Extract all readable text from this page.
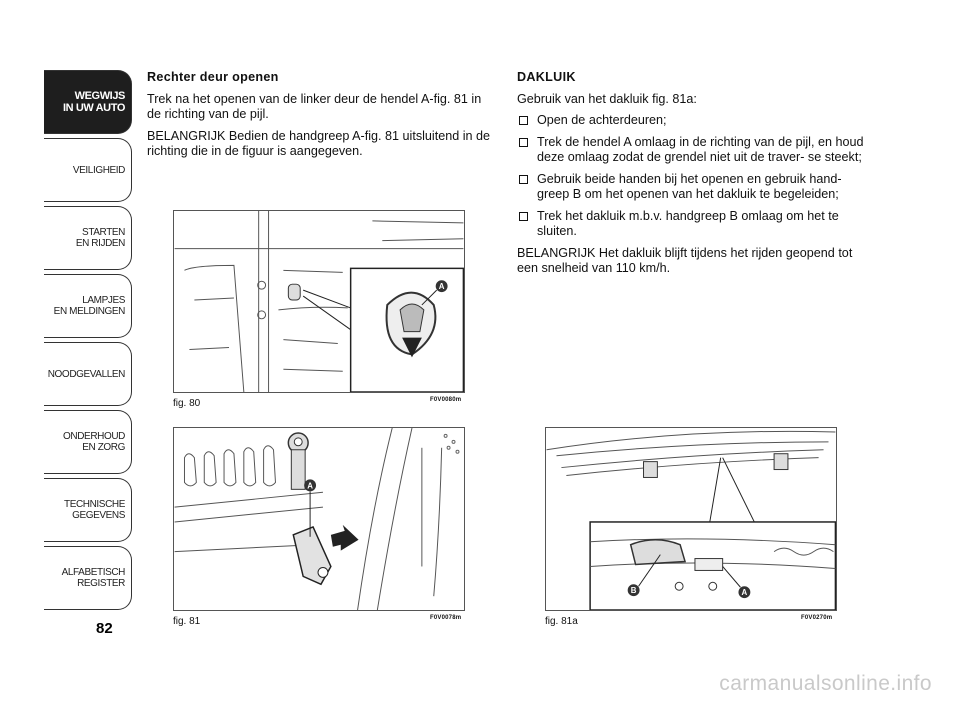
WEGWIJS
IN UW AUTO
VEILIGHEID
STARTEN
EN RIJDEN
LAMPJES
EN MELDINGEN
NOODGEVALLEN
ONDERHOUD
EN ZORG
TECHNISCHE
GEGEVENS
ALFABETISCH
REGISTER
82
Rechter deur openen

Trek na het openen van de linker deur de hendel A-fig. 81 in de richting van de pijl.

BELANGRIJK Bedien de handgreep A-fig. 81 uitsluitend in de richting die in de figuur is aangegeven.

DAKLUIK

Gebruik van het dakluik fig. 81a:

Open de achterdeuren;
Trek de hendel A omlaag in de richting van de pijl, en houd deze omlaag zodat de grendel niet uit de traver- se steekt;
Gebruik beide handen bij het openen en gebruik hand- greep B om het openen van het dakluik te begeleiden;
Trek het dakluik m.b.v. handgreep B omlaag om het te sluiten.

BELANGRIJK Het dakluik blijft tijdens het rijden geopend tot een snelheid van 110 km/h.

A
fig. 80	F0V0080m
A
fig. 81	F0V0078m
B	A
fig. 81a	F0V0270m
carmanualsonline.info
